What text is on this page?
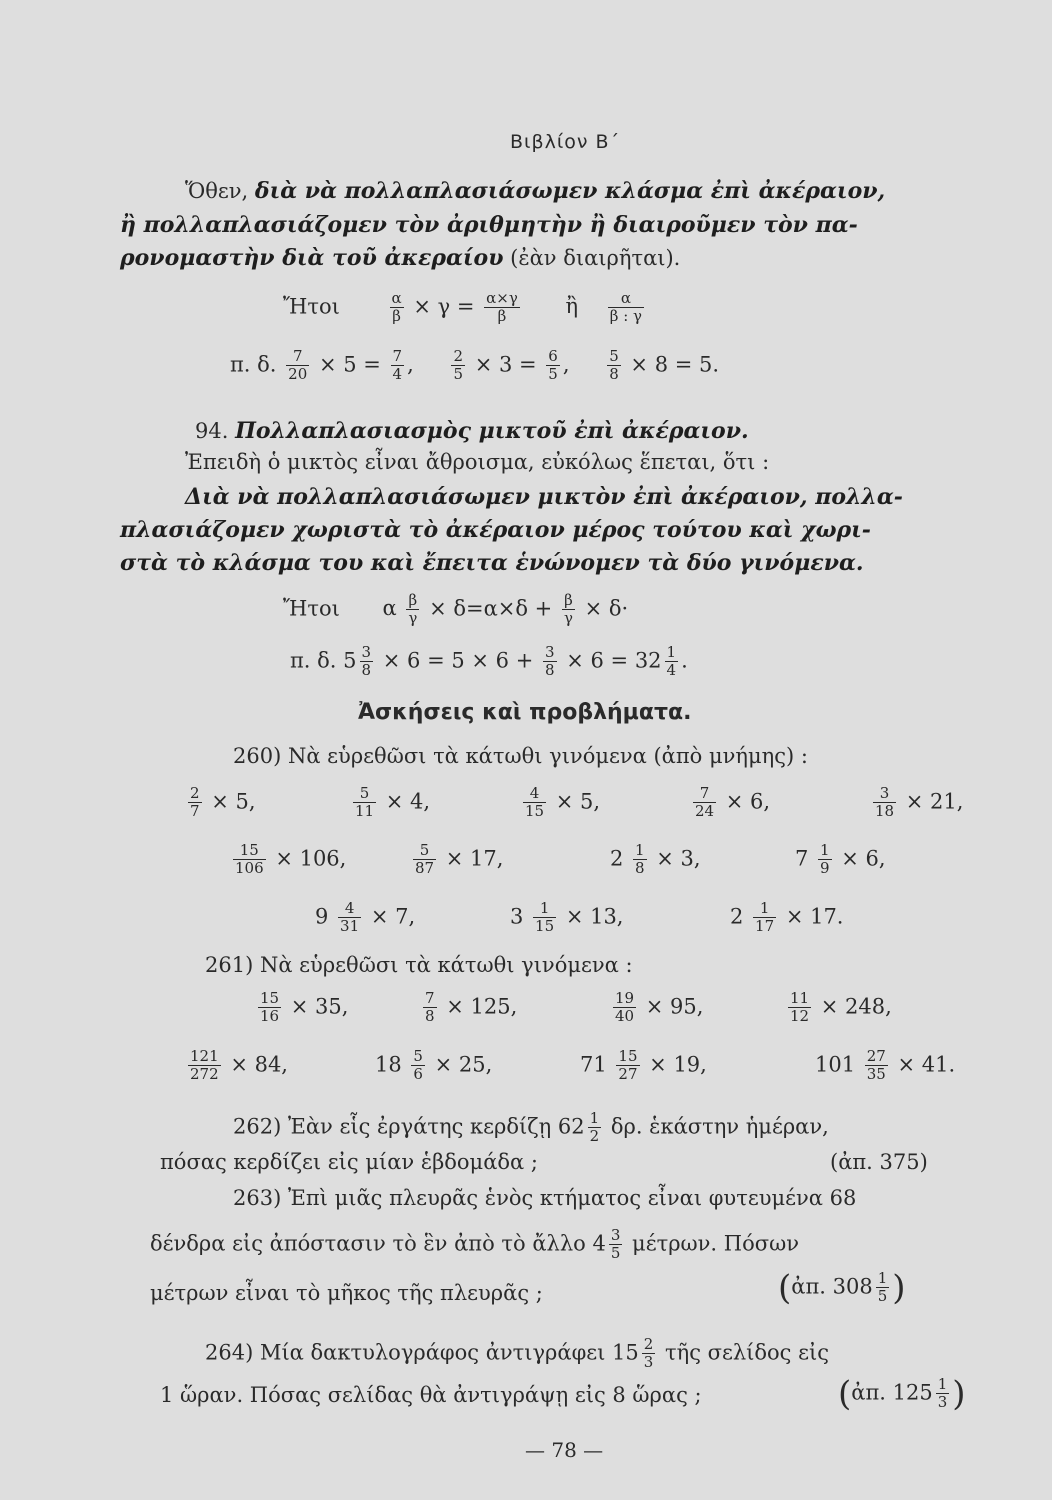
Βιβλίον Β΄
Ὅθεν, διὰ νὰ πολλαπλασιάσωμεν κλάσμα ἐπὶ ἀκέραιον,
ἢ πολλαπλασιάζομεν τὸν ἀριθμητὴν ἢ διαιροῦμεν τὸν πα-
ρονομαστὴν διὰ τοῦ ἀκεραίου (ἐὰν διαιρῆται).
Ἤτοι	$\frac{\alpha}{\beta} \times \gamma = \frac{\alpha\times\gamma}{\beta}$ ἢ $\frac{\alpha}{\beta : \gamma}$
π. δ. $\frac{7}{20} \times 5 = \frac{7}{4}$ , $\frac{2}{5} \times 3 = \frac{6}{5}$ , $\frac{5}{8} \times 8 = 5$.
94. Πολλαπλασιασμὸς μικτοῦ ἐπὶ ἀκέραιον.
Ἐπειδὴ ὁ μικτὸς εἶναι ἄθροισμα, εὐκόλως ἕπεται, ὅτι :
Διὰ νὰ πολλαπλασιάσωμεν μικτὸν ἐπὶ ἀκέραιον, πολλα-
πλασιάζομεν χωριστὰ τὸ ἀκέραιον μέρος τούτου καὶ χωρι-
στὰ τὸ κλάσμα του καὶ ἔπειτα ἑνώνομεν τὰ δύο γινόμενα.
Ἤτοι α $\frac{\beta}{\gamma} \times \delta=\alpha\times\delta + \frac{\beta}{\gamma} \times \delta\cdot$
π. δ. $5 \frac{3}{8} \times 6 = 5 \times 6 + \frac{3}{8} \times 6 = 32 \frac{1}{4}$ .
Ἀσκήσεις καὶ προβλήματα.
260) Νὰ εὑρεθῶσι τὰ κάτωθι γινόμενα (ἀπὸ μνήμης) :
$\frac{2}{7} \times 5$,	$\frac{5}{11} \times 4$,	$\frac{4}{15} \times 5$,	$\frac{7}{24} \times 6$,	$\frac{3}{18} \times 21$,
$\frac{15}{106} \times 106$,	$\frac{5}{87} \times 17$,	$2 \frac{1}{8} \times 3$,	$7 \frac{1}{9} \times 6$,
$9 \frac{4}{31} \times 7$,	$3 \frac{1}{15} \times 13$,	$2 \frac{1}{17} \times 17$.
261) Νὰ εὑρεθῶσι τὰ κάτωθι γινόμενα :
$\frac{15}{16} \times 35$,	$\frac{7}{8} \times 125$,	$\frac{19}{40} \times 95$,	$\frac{11}{12} \times 248$,
$\frac{121}{272} \times 84$,	$18 \frac{5}{6} \times 25$,	$71 \frac{15}{27} \times 19$,	$101 \frac{27}{35} \times 41$.
262) Ἐὰν εἷς ἐργάτης κερδίζῃ $62 \frac{1}{2} \delta\rho$. ἑκάστην ἡμέραν,
πόσας κερδίζει εἰς μίαν ἑβδομάδα ;	(ἀπ. 375)
263) Ἐπὶ μιᾶς πλευρᾶς ἑνὸς κτήματος εἶναι φυτευμένα 68
δένδρα εἰς ἀπόστασιν τὸ ἓν ἀπὸ τὸ ἄλλο $4 \frac{3}{5} \mu έ\tau\rho\omega\nu$. Πόσων
μέτρων εἶναι τὸ μῆκος τῆς πλευρᾶς ;	(ἀπ. $308 \frac{1}{5}$ )
264) Μία δακτυλογράφος ἀντιγράφει $15 \frac{2}{3}$ τῆς σελίδος εἰς
1 ὥραν. Πόσας σελίδας θὰ ἀντιγράψῃ εἰς 8 ὥρας ;	(ἀπ. $125 \frac{1}{3}$ )
— 78 —
